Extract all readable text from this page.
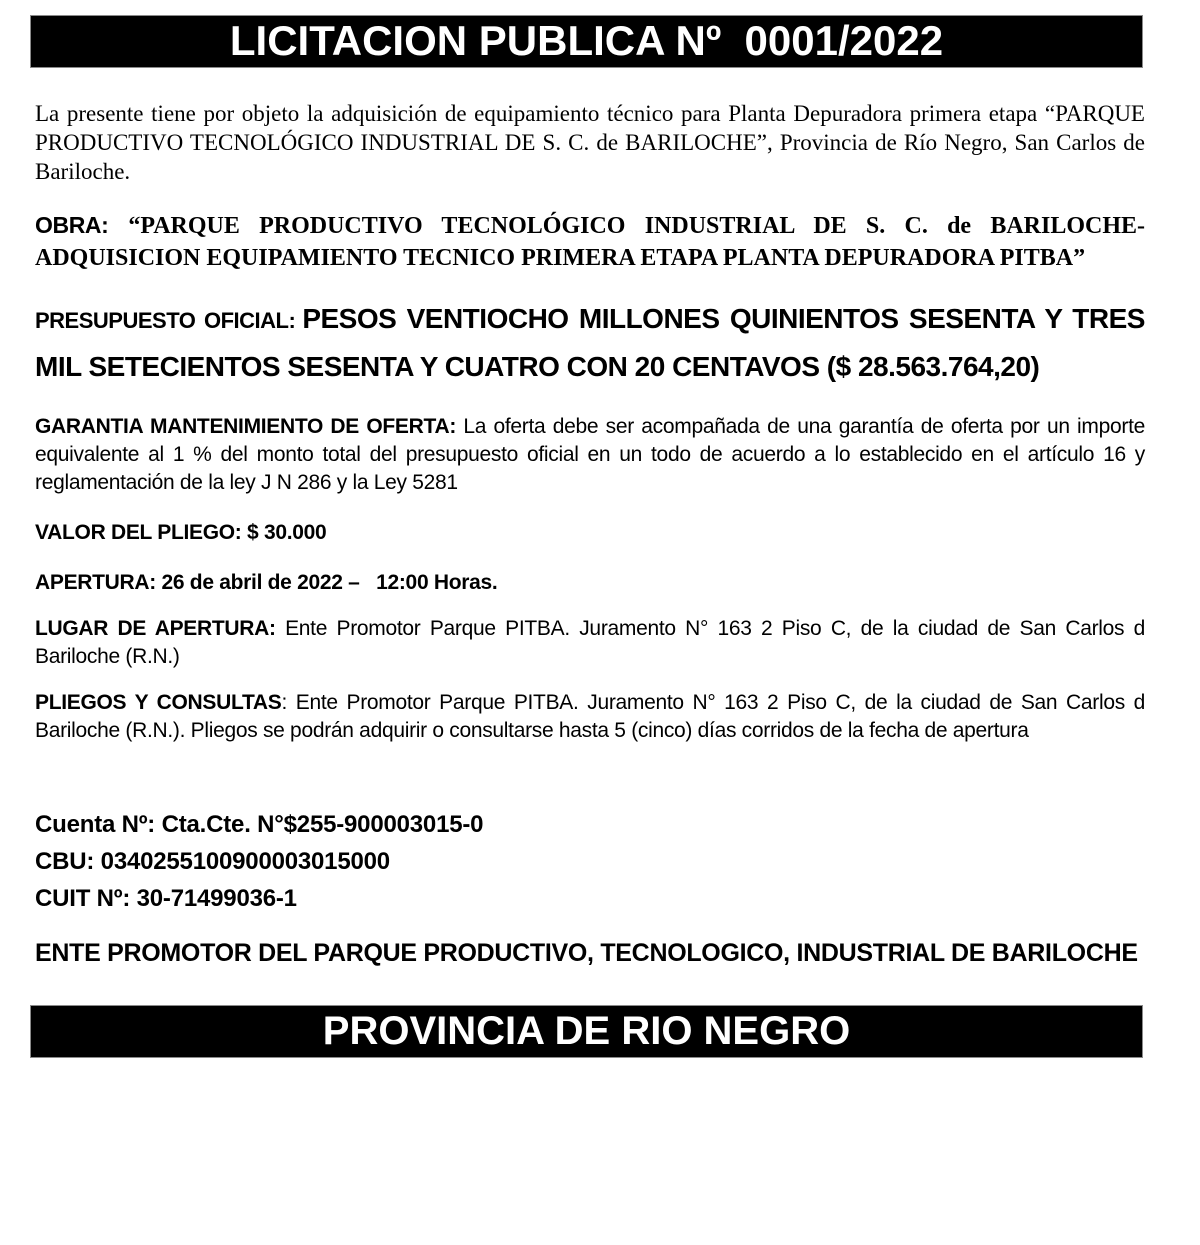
LICITACION PUBLICA Nº  0001/2022

La presente tiene por objeto la adquisición de equipamiento técnico para Planta Depuradora primera etapa “PARQUE PRODUCTIVO TECNOLÓGICO INDUSTRIAL DE S. C. de BARILOCHE”, Provincia de Río Negro, San Carlos de Bariloche.

OBRA: “PARQUE PRODUCTIVO TECNOLÓGICO INDUSTRIAL DE S. C. de BARILOCHE- ADQUISICION EQUIPAMIENTO TECNICO PRIMERA ETAPA PLANTA DEPURADORA PITBA”

PRESUPUESTO OFICIAL: PESOS VENTIOCHO MILLONES QUINIENTOS SESENTA Y TRES MIL SETECIENTOS SESENTA Y CUATRO CON 20 CENTAVOS ($ 28.563.764,20)

GARANTIA MANTENIMIENTO DE OFERTA: La oferta debe ser acompañada de una garantía de oferta por un importe equivalente al 1 % del monto total del presupuesto oficial en un todo de acuerdo a lo establecido en el artículo 16 y reglamentación de la ley J N 286 y la Ley 5281

VALOR DEL PLIEGO: $ 30.000

APERTURA: 26 de abril de 2022 –   12:00 Horas.

LUGAR DE APERTURA: Ente Promotor Parque PITBA. Juramento N° 163 2 Piso C, de la ciudad de San Carlos d Bariloche (R.N.)

PLIEGOS Y CONSULTAS: Ente Promotor Parque PITBA. Juramento N° 163 2 Piso C, de la ciudad de San Carlos d Bariloche (R.N.). Pliegos se podrán adquirir o consultarse hasta 5 (cinco) días corridos de la fecha de apertura

Cuenta Nº: Cta.Cte. N°$255-900003015-0

CBU: 0340255100900003015000

CUIT Nº: 30-71499036-1

ENTE PROMOTOR DEL PARQUE PRODUCTIVO, TECNOLOGICO, INDUSTRIAL DE BARILOCHE

PROVINCIA DE RIO NEGRO
